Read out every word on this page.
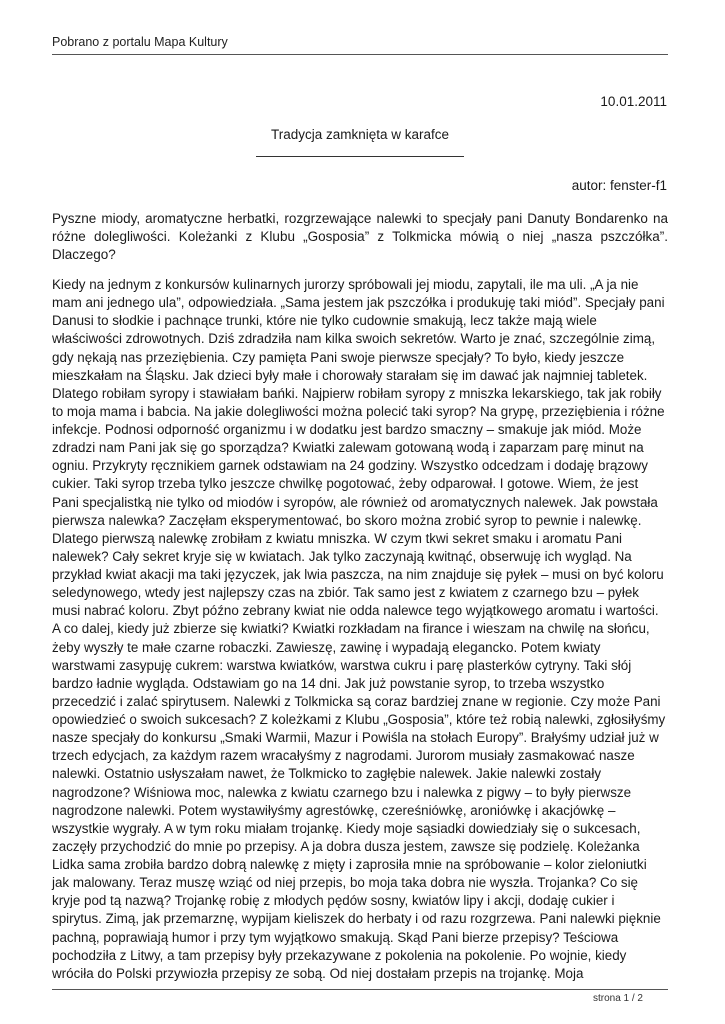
Pobrano z portalu Mapa Kultury
10.01.2011
Tradycja zamknięta w karafce
autor: fenster-f1

Pyszne miody, aromatyczne herbatki, rozgrzewające nalewki to specjały pani Danuty Bondarenko na różne dolegliwości. Koleżanki z Klubu „Gosposia” z Tolkmicka mówią o niej „nasza pszczółka”. Dlaczego?

Kiedy na jednym z konkursów kulinarnych jurorzy spróbowali jej miodu, zapytali, ile ma uli. „A ja nie mam ani jednego ula”, odpowiedziała. „Sama jestem jak pszczółka i produkuję taki miód”. Specjały pani Danusi to słodkie i pachnące trunki, które nie tylko cudownie smakują, lecz także mają wiele właściwości zdrowotnych. Dziś zdradziła nam kilka swoich sekretów. Warto je znać, szczególnie zimą, gdy nękają nas przeziębienia. Czy pamięta Pani swoje pierwsze specjały? To było, kiedy jeszcze mieszkałam na Śląsku. Jak dzieci były małe i chorowały starałam się im dawać jak najmniej tabletek. Dlatego robiłam syropy i stawiałam bańki. Najpierw robiłam syropy z mniszka lekarskiego, tak jak robiły to moja mama i babcia. Na jakie dolegliwości można polecić taki syrop? Na grypę, przeziębienia i różne infekcje. Podnosi odporność organizmu i w dodatku jest bardzo smaczny – smakuje jak miód. Może zdradzi nam Pani jak się go sporządza? Kwiatki zalewam gotowaną wodą i zaparzam parę minut na ogniu. Przykryty ręcznikiem garnek odstawiam na 24 godziny. Wszystko odcedzam i dodaję brązowy cukier. Taki syrop trzeba tylko jeszcze chwilkę pogotować, żeby odparował. I gotowe. Wiem, że jest Pani specjalistką nie tylko od miodów i syropów, ale również od aromatycznych nalewek. Jak powstała pierwsza nalewka? Zaczęłam eksperymentować, bo skoro można zrobić syrop to pewnie i nalewkę. Dlatego pierwszą nalewkę zrobiłam z kwiatu mniszka. W czym tkwi sekret smaku i aromatu Pani nalewek? Cały sekret kryje się w kwiatach. Jak tylko zaczynają kwitnąć, obserwuję ich wygląd. Na przykład kwiat akacji ma taki języczek, jak lwia paszcza, na nim znajduje się pyłek – musi on być koloru seledynowego, wtedy jest najlepszy czas na zbiór. Tak samo jest z kwiatem z czarnego bzu – pyłek musi nabrać koloru. Zbyt późno zebrany kwiat nie odda nalewce tego wyjątkowego aromatu i wartości. A co dalej, kiedy już zbierze się kwiatki? Kwiatki rozkładam na firance i wieszam na chwilę na słońcu, żeby wyszły te małe czarne robaczki. Zawieszę, zawinę i wypadają elegancko. Potem kwiaty warstwami zasypuję cukrem: warstwa kwiatków, warstwa cukru i parę plasterków cytryny. Taki słój bardzo ładnie wygląda. Odstawiam go na 14 dni. Jak już powstanie syrop, to trzeba wszystko przecedzić i zalać spirytusem. Nalewki z Tolkmicka są coraz bardziej znane w regionie. Czy może Pani opowiedzieć o swoich sukcesach? Z koleżkami z Klubu „Gosposia”, które też robią nalewki, zgłosiłyśmy nasze specjały do konkursu „Smaki Warmii, Mazur i Powiśla na stołach Europy”. Brałyśmy udział już w trzech edycjach, za każdym razem wracałyśmy z nagrodami. Jurorom musiały zasmakować nasze nalewki. Ostatnio usłyszałam nawet, że Tolkmicko to zagłębie nalewek. Jakie nalewki zostały nagrodzone? Wiśniowa moc, nalewka z kwiatu czarnego bzu i nalewka z pigwy – to były pierwsze nagrodzone nalewki. Potem wystawiłyśmy agrestówkę, czereśniówkę, aroniówkę i akacjówkę – wszystkie wygrały. A w tym roku miałam trojankę. Kiedy moje sąsiadki dowiedziały się o sukcesach, zaczęły przychodzić do mnie po przepisy. A ja dobra dusza jestem, zawsze się podzielę. Koleżanka Lidka sama zrobiła bardzo dobrą nalewkę z mięty i zaprosiła mnie na spróbowanie – kolor zieloniutki jak malowany. Teraz muszę wziąć od niej przepis, bo moja taka dobra nie wyszła. Trojanka? Co się kryje pod tą nazwą? Trojankę robię z młodych pędów sosny, kwiatów lipy i akcji, dodaję cukier i spirytus. Zimą, jak przemarznę, wypijam kieliszek do herbaty i od razu rozgrzewa. Pani nalewki pięknie pachną, poprawiają humor i przy tym wyjątkowo smakują. Skąd Pani bierze przepisy? Teściowa pochodziła z Litwy, a tam przepisy były przekazywane z pokolenia na pokolenie. Po wojnie, kiedy wróciła do Polski przywiozła przepisy ze sobą. Od niej dostałam przepis na trojankę. Moja

strona 1 / 2
